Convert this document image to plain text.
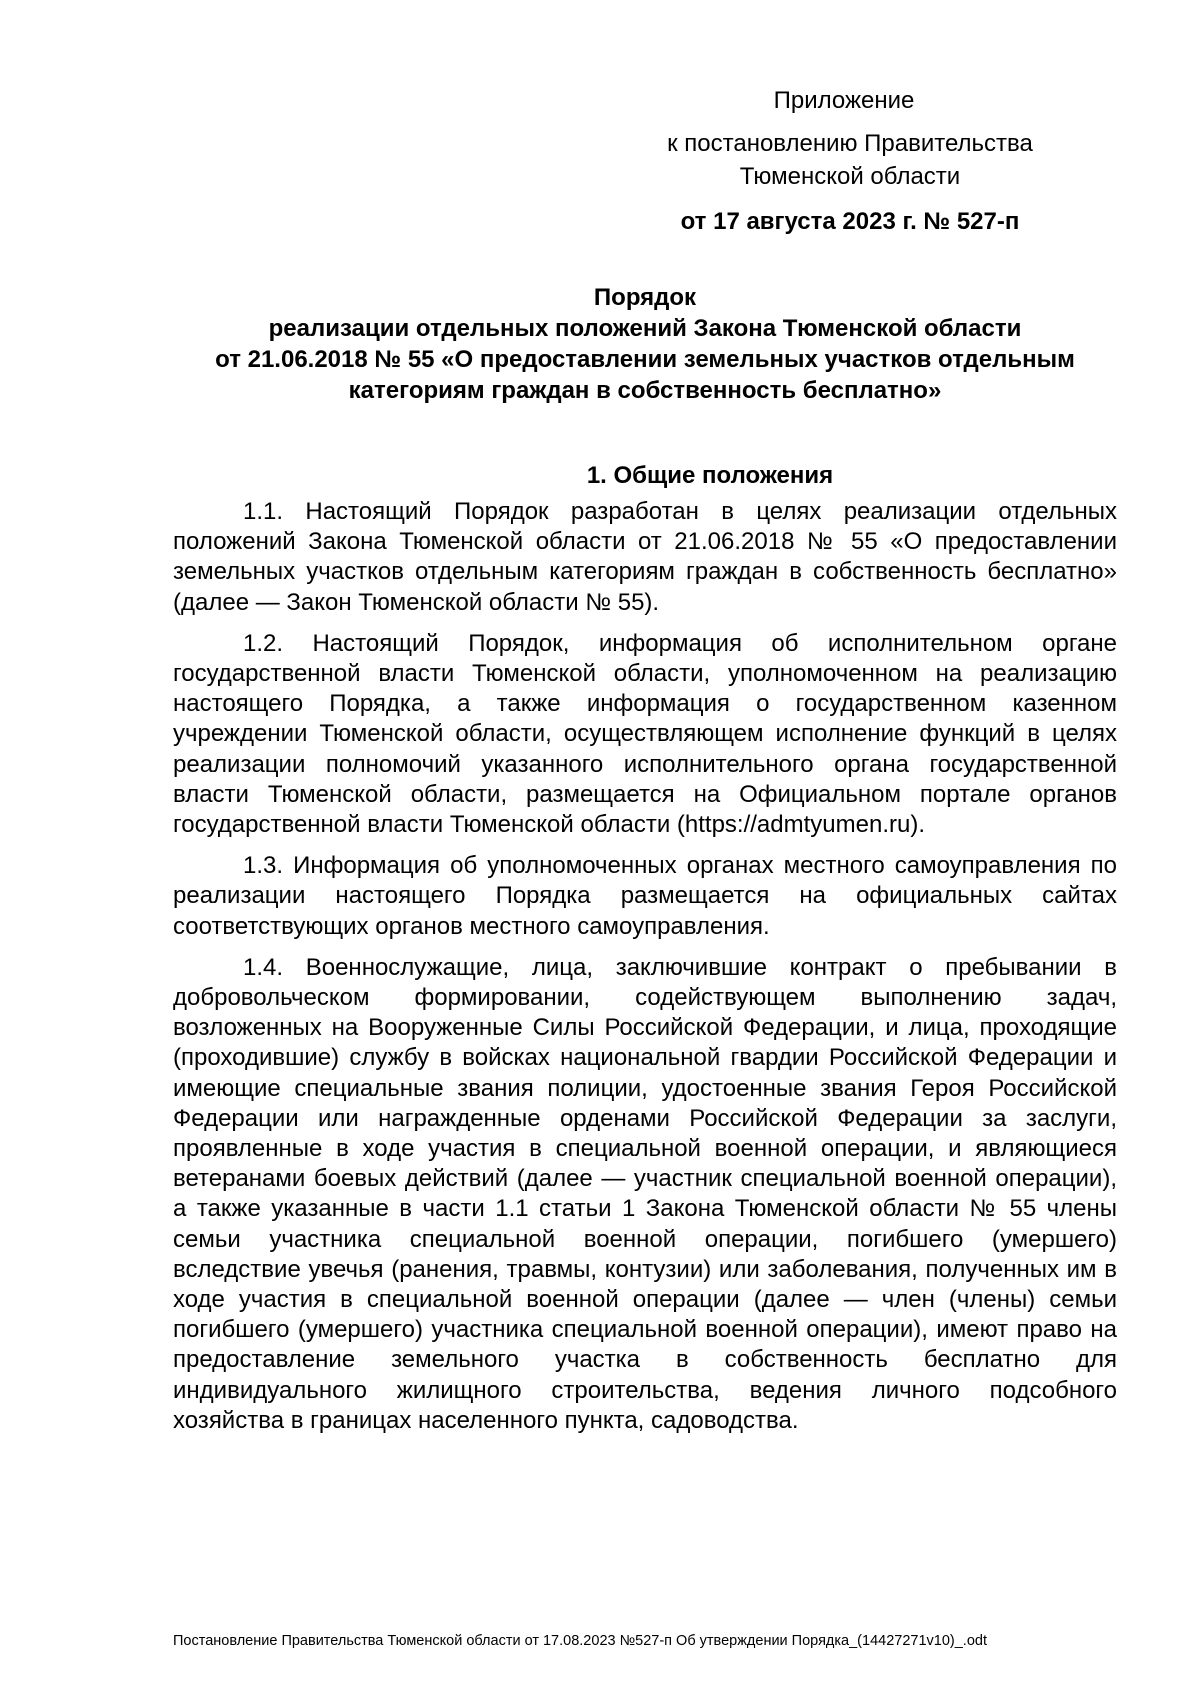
Приложение
к постановлению Правительства
Тюменской области
от 17 августа 2023 г. № 527-п
Порядок
реализации отдельных положений Закона Тюменской области
от 21.06.2018 № 55 «О предоставлении земельных участков отдельным
категориям граждан в собственность бесплатно»
1. Общие положения

1.1. Настоящий Порядок разработан в целях реализации отдельных положений Закона Тюменской области от 21.06.2018 № 55 «О предоставлении земельных участков отдельным категориям граждан в собственность бесплатно» (далее — Закон Тюменской области № 55).

1.2. Настоящий Порядок, информация об исполнительном органе государственной власти Тюменской области, уполномоченном на реализацию настоящего Порядка, а также информация о государственном казенном учреждении Тюменской области, осуществляющем исполнение функций в целях реализации полномочий указанного исполнительного органа государственной власти Тюменской области, размещается на Официальном портале органов государственной власти Тюменской области (https://admtyumen.ru).

1.3. Информация об уполномоченных органах местного самоуправления по реализации настоящего Порядка размещается на официальных сайтах соответствующих органов местного самоуправления.

1.4. Военнослужащие, лица, заключившие контракт о пребывании в добровольческом формировании, содействующем выполнению задач, возложенных на Вооруженные Силы Российской Федерации, и лица, проходящие (проходившие) службу в войсках национальной гвардии Российской Федерации и имеющие специальные звания полиции, удостоенные звания Героя Российской Федерации или награжденные орденами Российской Федерации за заслуги, проявленные в ходе участия в специальной военной операции, и являющиеся ветеранами боевых действий (далее — участник специальной военной операции), а также указанные в части 1.1 статьи 1 Закона Тюменской области № 55 члены семьи участника специальной военной операции, погибшего (умершего) вследствие увечья (ранения, травмы, контузии) или заболевания, полученных им в ходе участия в специальной военной операции (далее — член (члены) семьи погибшего (умершего) участника специальной военной операции), имеют право на предоставление земельного участка в собственность бесплатно для индивидуального жилищного строительства, ведения личного подсобного хозяйства в границах населенного пункта, садоводства.

Постановление Правительства Тюменской области от 17.08.2023 №527-п Об утверждении Порядка_(14427271v10)_.odt
